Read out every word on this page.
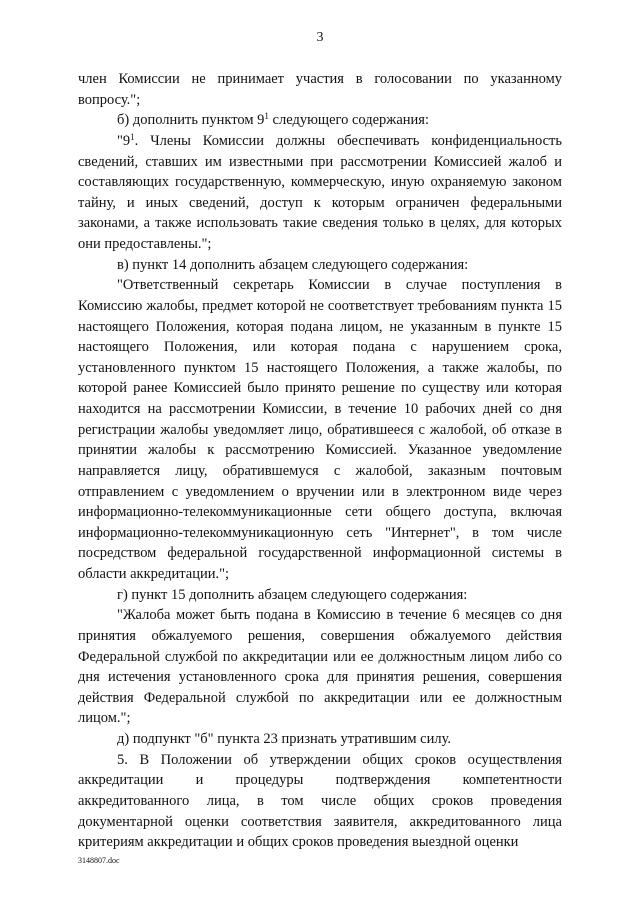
3

член Комиссии не принимает участия в голосовании по указанному вопросу.";

б) дополнить пунктом $9^1$ следующего содержания:

"$9^1$. Члены Комиссии должны обеспечивать конфиденциальность сведений, ставших им известными при рассмотрении Комиссией жалоб и составляющих государственную, коммерческую, иную охраняемую законом тайну, и иных сведений, доступ к которым ограничен федеральными законами, а также использовать такие сведения только в целях, для которых они предоставлены.";

в) пункт 14 дополнить абзацем следующего содержания:

"Ответственный секретарь Комиссии в случае поступления в Комиссию жалобы, предмет которой не соответствует требованиям пункта 15 настоящего Положения, которая подана лицом, не указанным в пункте 15 настоящего Положения, или которая подана с нарушением срока, установленного пунктом 15 настоящего Положения, а также жалобы, по которой ранее Комиссией было принято решение по существу или которая находится на рассмотрении Комиссии, в течение 10 рабочих дней со дня регистрации жалобы уведомляет лицо, обратившееся с жалобой, об отказе в принятии жалобы к рассмотрению Комиссией. Указанное уведомление направляется лицу, обратившемуся с жалобой, заказным почтовым отправлением с уведомлением о вручении или в электронном виде через информационно-телекоммуникационные сети общего доступа, включая информационно-телекоммуникационную сеть "Интернет", в том числе посредством федеральной государственной информационной системы в области аккредитации.";

г) пункт 15 дополнить абзацем следующего содержания:

"Жалоба может быть подана в Комиссию в течение 6 месяцев со дня принятия обжалуемого решения, совершения обжалуемого действия Федеральной службой по аккредитации или ее должностным лицом либо со дня истечения установленного срока для принятия решения, совершения действия Федеральной службой по аккредитации или ее должностным лицом.";

д) подпункт "б" пункта 23 признать утратившим силу.

5. В Положении об утверждении общих сроков осуществления аккредитации и процедуры подтверждения компетентности аккредитованного лица, в том числе общих сроков проведения документарной оценки соответствия заявителя, аккредитованного лица критериям аккредитации и общих сроков проведения выездной оценки

3148807.doc
